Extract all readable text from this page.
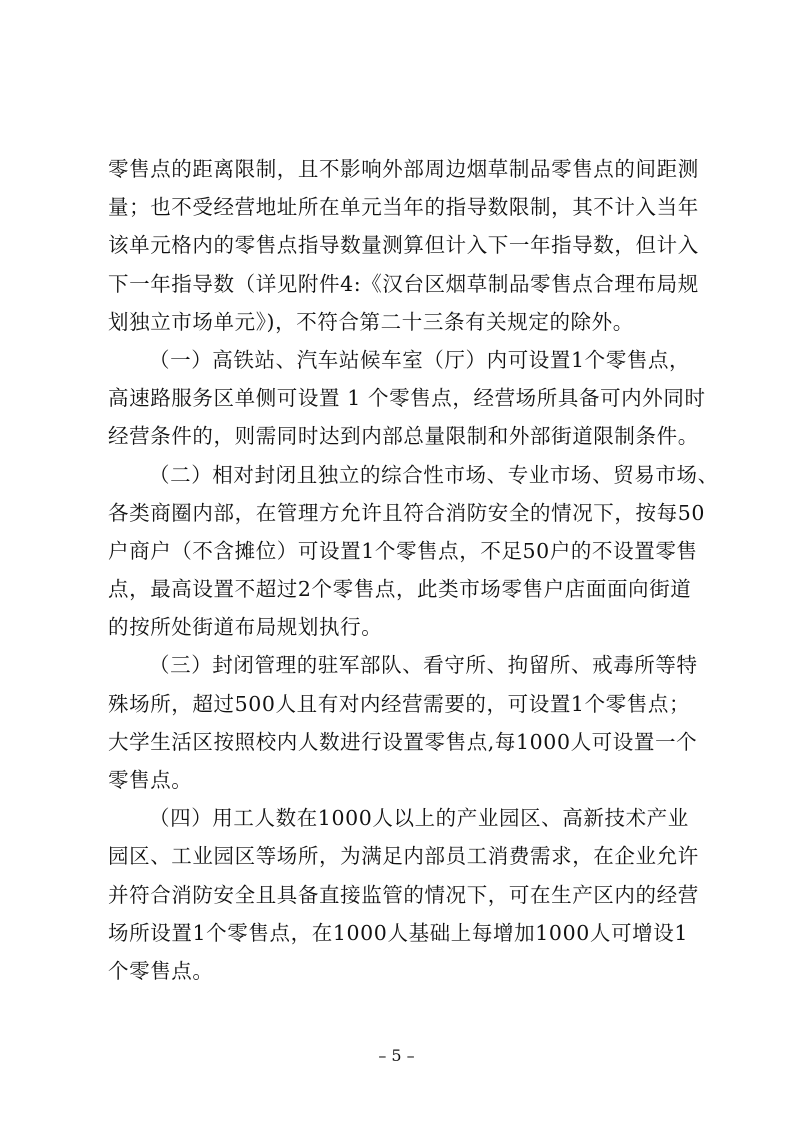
零售点的距离限制，且不影响外部周边烟草制品零售点的间距测
量；也不受经营地址所在单元当年的指导数限制，其不计入当年
该单元格内的零售点指导数量测算但计入下一年指导数，但计入
下一年指导数（详见附件4:《汉台区烟草制品零售点合理布局规
划独立市场单元》)，不符合第二十三条有关规定的除外。
（一）高铁站、汽车站候车室（厅）内可设置1个零售点，
高速路服务区单侧可设置 1 个零售点，经营场所具备可内外同时
经营条件的，则需同时达到内部总量限制和外部街道限制条件。
（二）相对封闭且独立的综合性市场、专业市场、贸易市场、
各类商圈内部，在管理方允许且符合消防安全的情况下，按每50
户商户（不含摊位）可设置1个零售点，不足50户的不设置零售
点，最高设置不超过2个零售点，此类市场零售户店面面向街道
的按所处街道布局规划执行。
（三）封闭管理的驻军部队、看守所、拘留所、戒毒所等特
殊场所，超过500人且有对内经营需要的，可设置1个零售点；
大学生活区按照校内人数进行设置零售点,每1000人可设置一个
零售点。
（四）用工人数在1000人以上的产业园区、高新技术产业
园区、工业园区等场所，为满足内部员工消费需求，在企业允许
并符合消防安全且具备直接监管的情况下，可在生产区内的经营
场所设置1个零售点，在1000人基础上每增加1000人可增设1
个零售点。
– 5 –
